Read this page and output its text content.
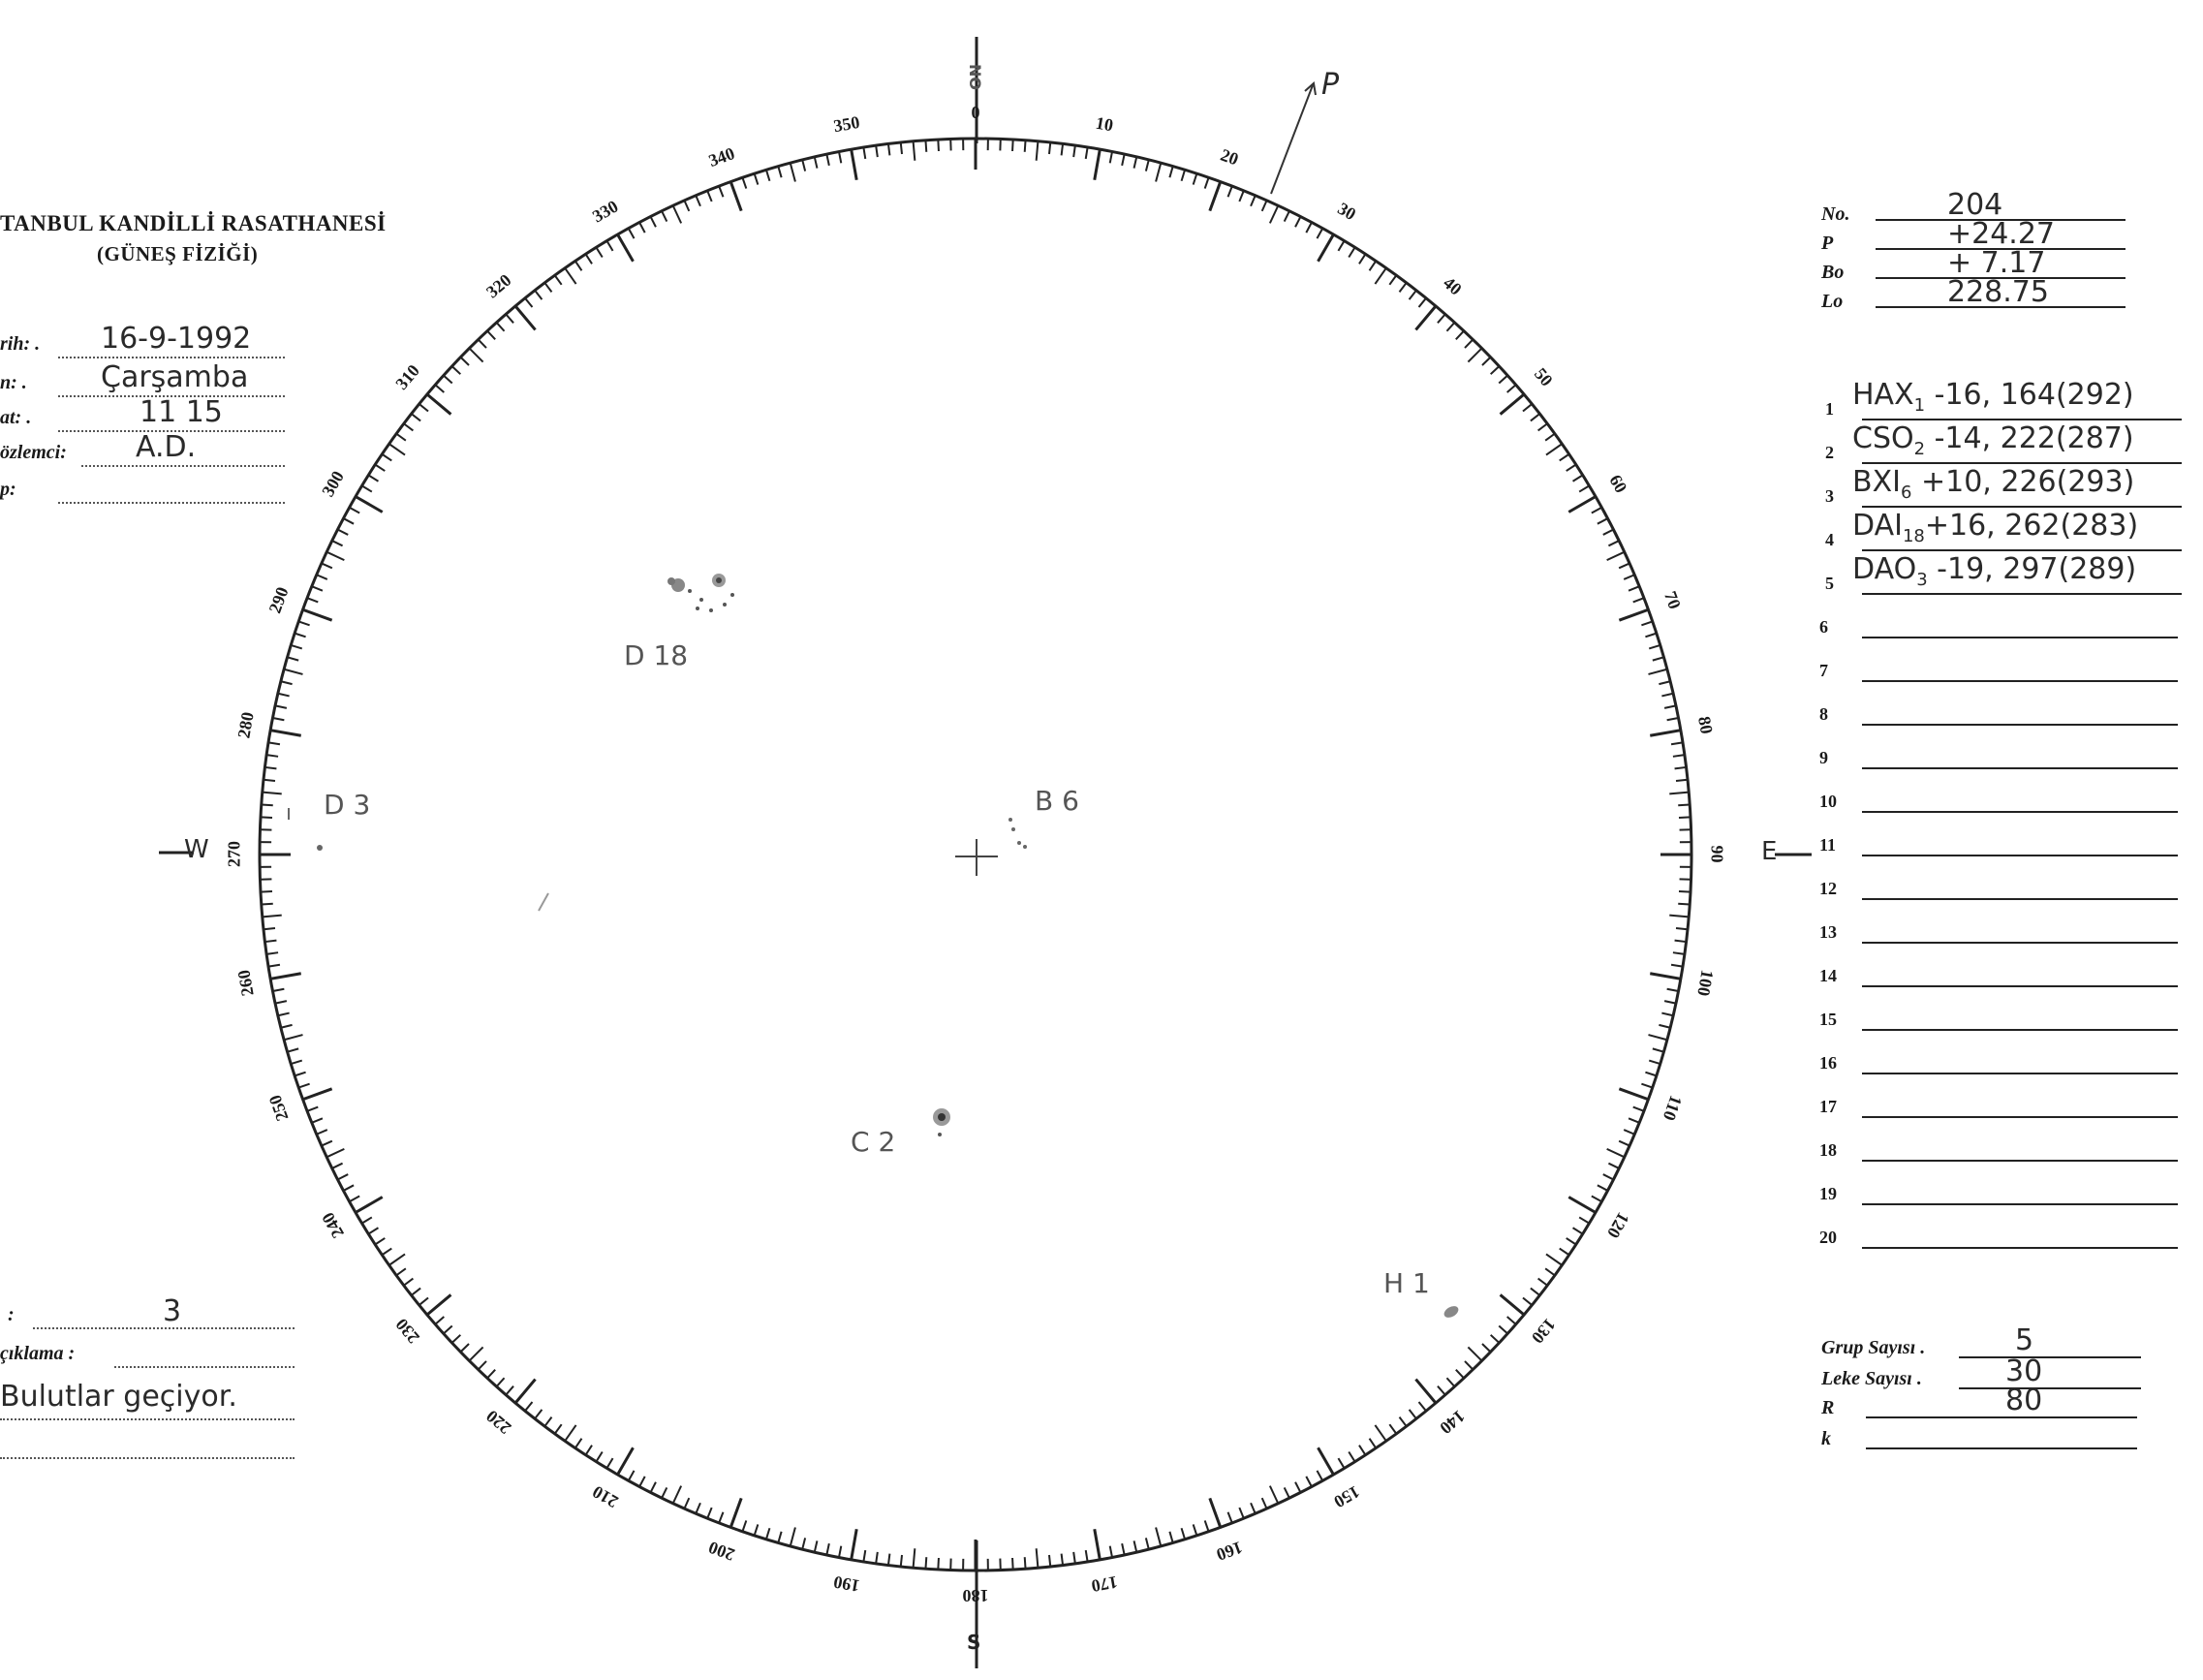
0
10
20
30
40
50
60
70
80
90
100
110
120
130
140
150
160
170
180
190
200
210
220
230
240
250
260
270
280
290
300
310
320
330
340
350
NO
S
E
W
P
D 18
D 3	B 6
C 2
H 1
TANBUL KANDİLLİ RASATHANESİ
(GÜNEŞ FİZİĞİ)
rih: . 16-9-1992
n: .	Çarşamba
at: .	11 15
özlemci: A.D.
p:
:	3
çıklama :
Bulutlar geçiyor.
No.	204
P	+24.27
Bo	+ 7.17
Lo	228.75
1 $HAX_1$ -16, 164(292)
2 $CSO_2$ -14, 222(287)
3 $BXI_6 +10$, 226(293)
4 $DAI_{18}+16$, 262(283)
5 $DAO_3$ -19, 297(289)
6
7
8
9
10
11
12
13
14
15
16
17
18
19
20
Grup Sayısı .	5
Leke Sayısı .	30
R	80
k
